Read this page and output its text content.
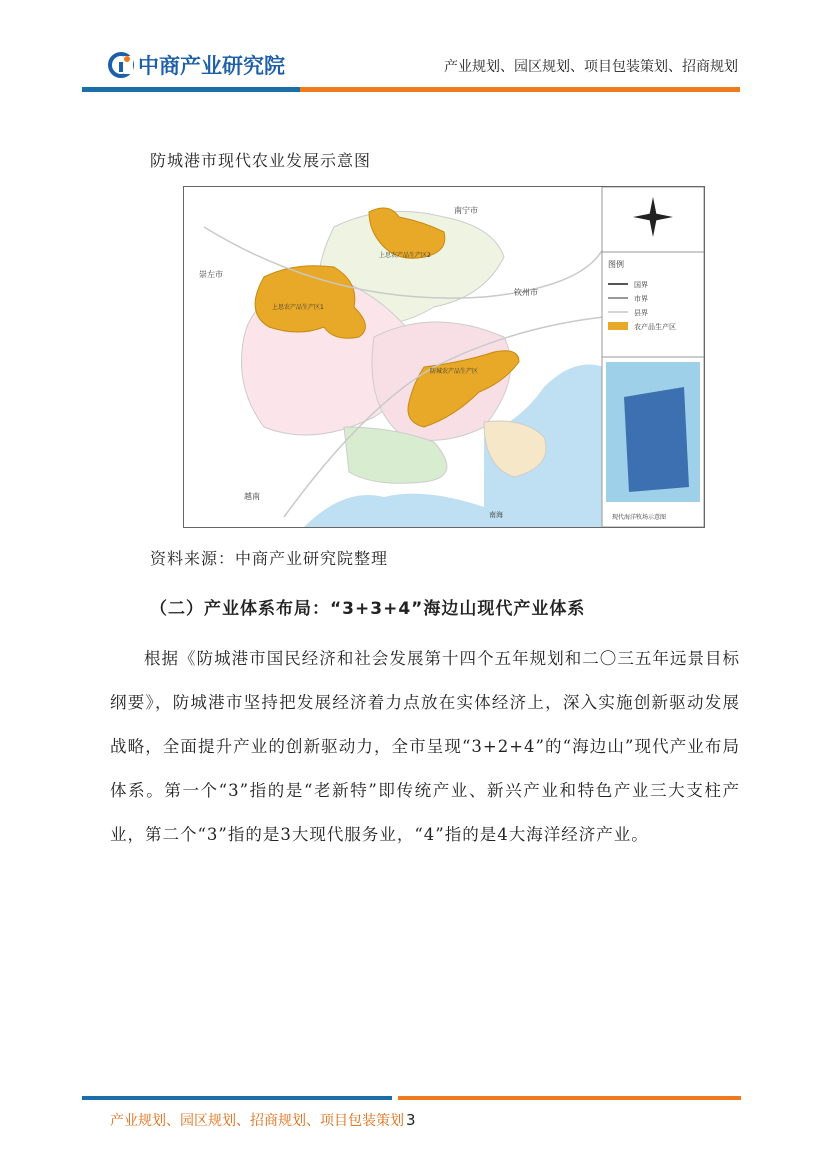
中商产业研究院	产业规划、园区规划、项目包装策划、招商规划
防城港市现代农业发展示意图
南宁市
崇左市
钦州市
越南
南海
上思农产品生产区1
上思农产品生产区2
防城农产品生产区
图例
国界
市界
县界
农产品生产区
现代海洋牧场示意图
资料来源：中商产业研究院整理
（二）产业体系布局：“3+3+4”海边山现代产业体系
根据《防城港市国民经济和社会发展第十四个五年规划和二〇三五年远景目标纲要》，防城港市坚持把发展经济着力点放在实体经济上，深入实施创新驱动发展战略，全面提升产业的创新驱动力，全市呈现“3+2+4”的“海边山”现代产业布局体系。第一个“3”指的是“老新特”即传统产业、新兴产业和特色产业三大支柱产业，第二个“3”指的是3大现代服务业，“4”指的是4大海洋经济产业。
产业规划、园区规划、招商规划、项目包装策划 3
